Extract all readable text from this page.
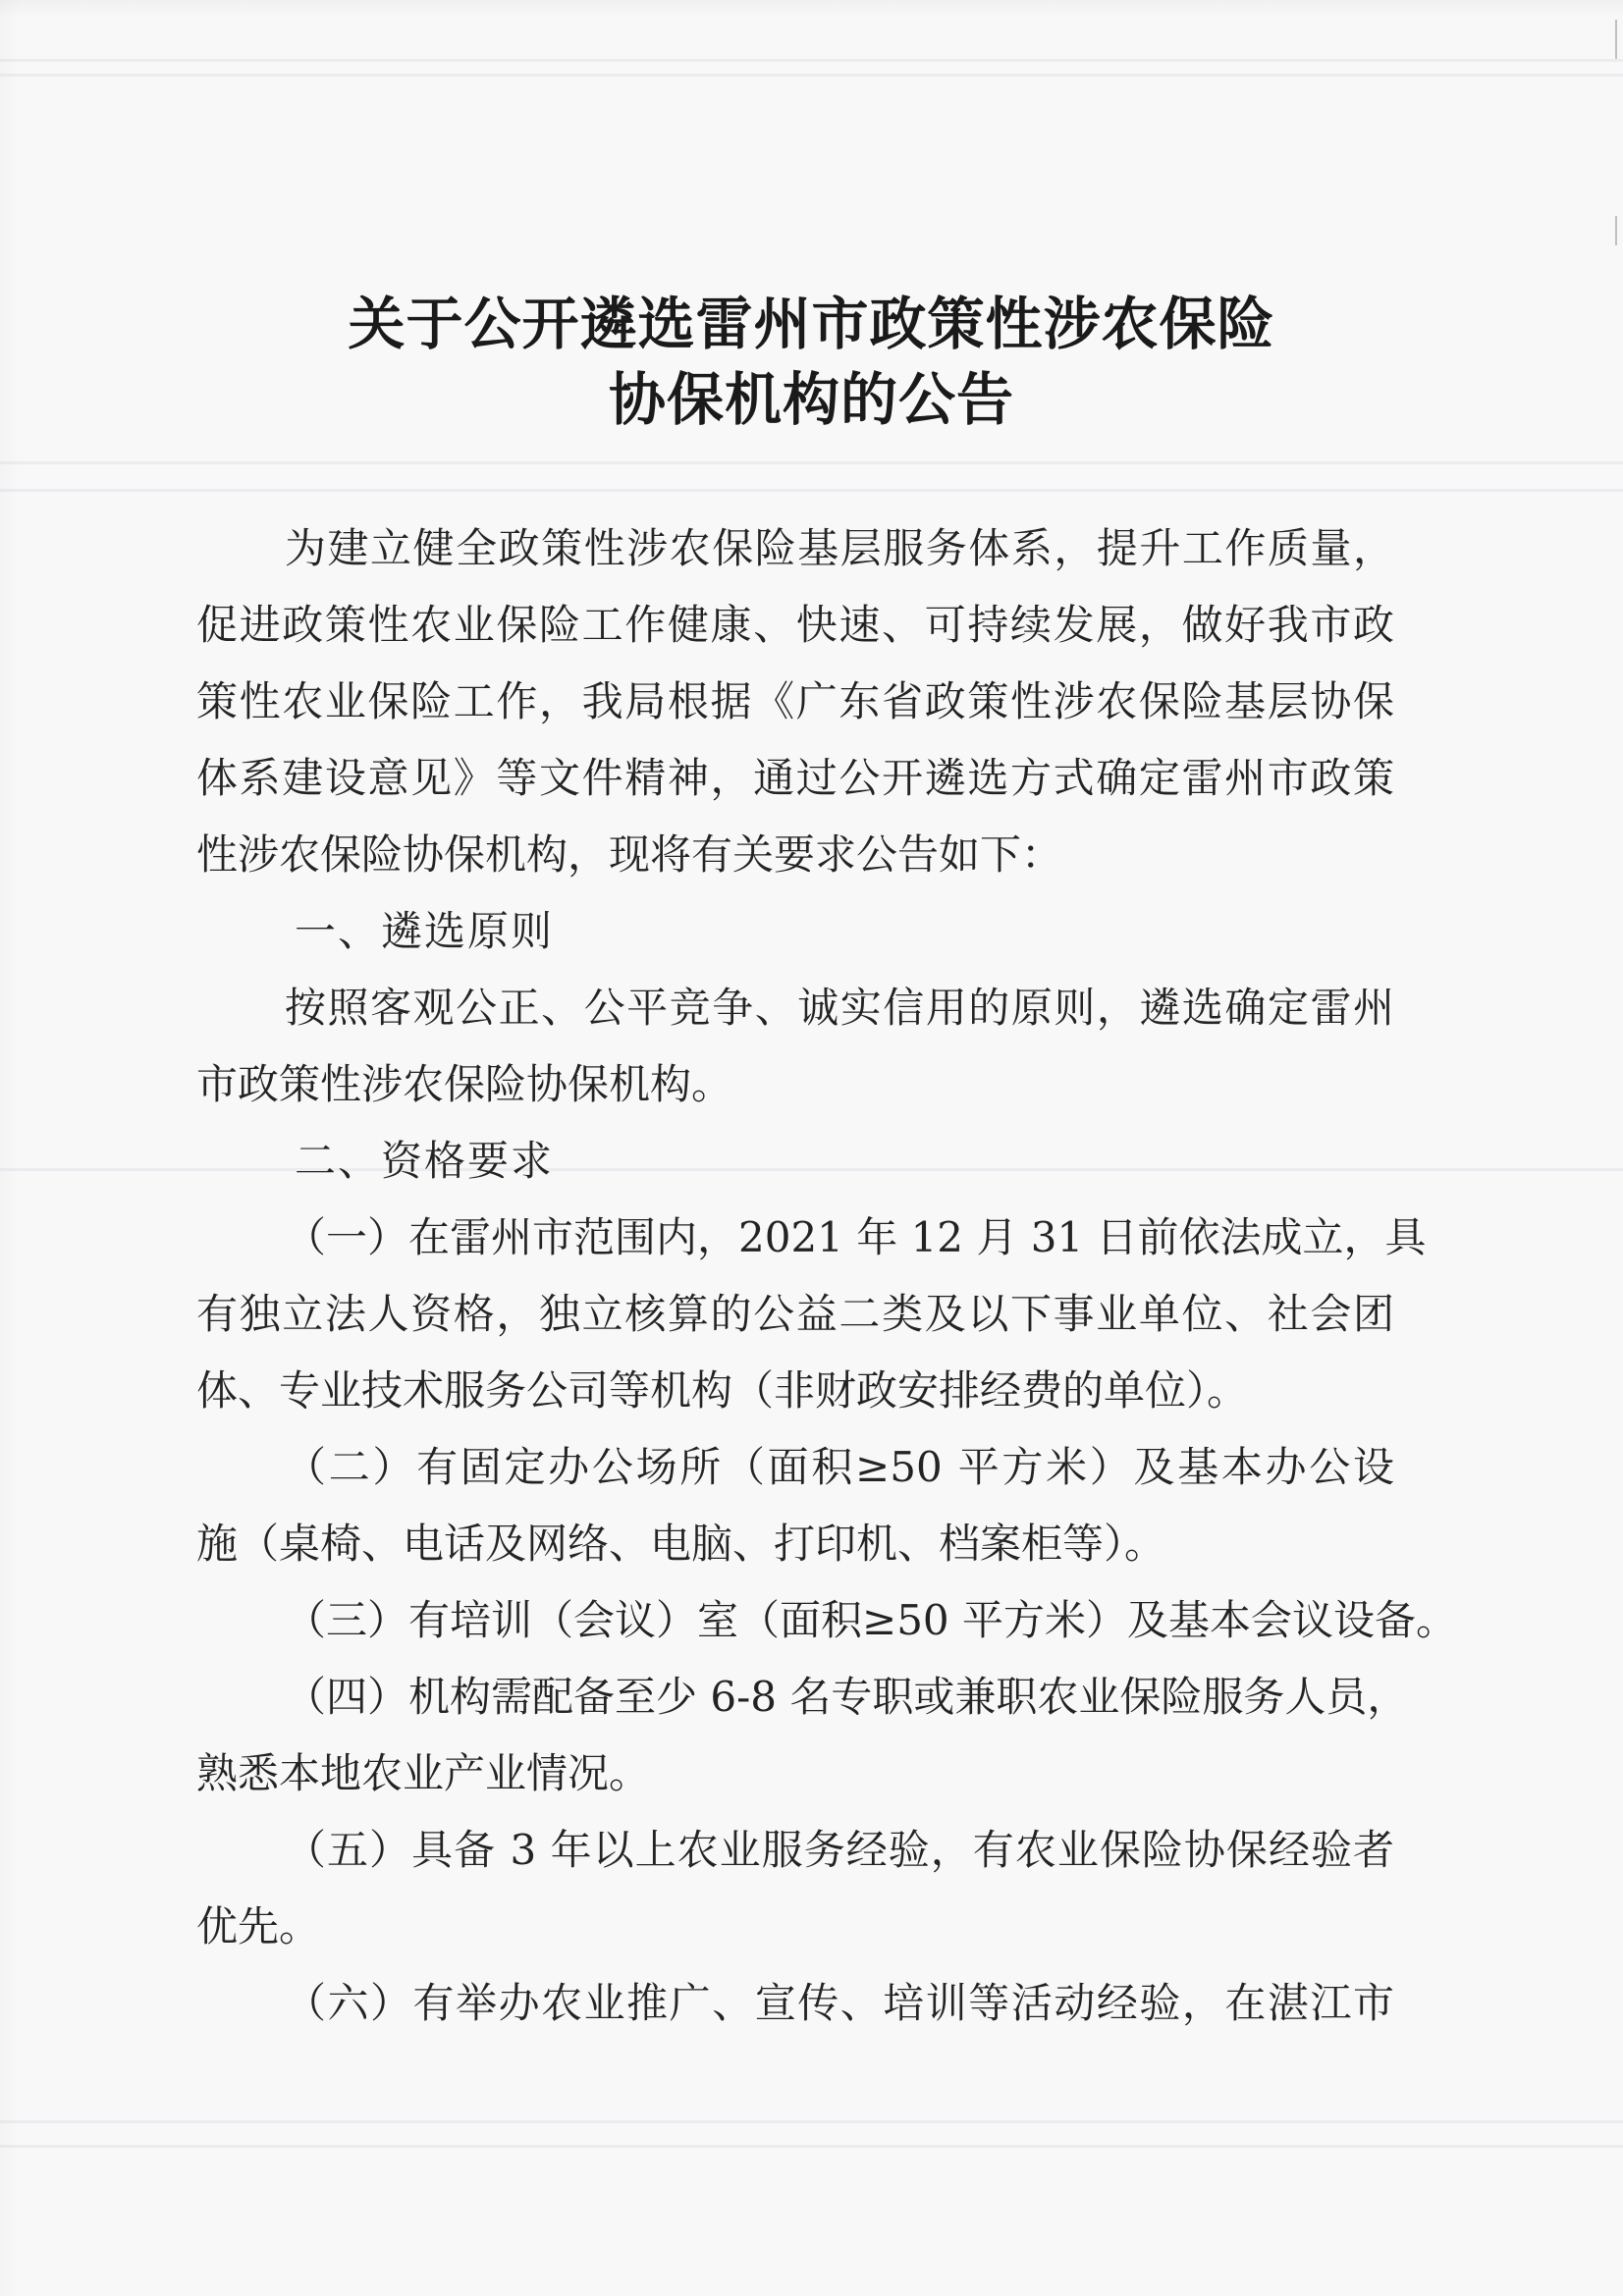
关于公开遴选雷州市政策性涉农保险
协保机构的公告
为建立健全政策性涉农保险基层服务体系，提升工作质量，
促进政策性农业保险工作健康、快速、可持续发展，做好我市政
策性农业保险工作，我局根据《广东省政策性涉农保险基层协保
体系建设意见》等文件精神，通过公开遴选方式确定雷州市政策
性涉农保险协保机构，现将有关要求公告如下：
一、遴选原则
按照客观公正、公平竞争、诚实信用的原则，遴选确定雷州
市政策性涉农保险协保机构。
二、资格要求
（一）在雷州市范围内，2021 年 12 月 31 日前依法成立，具
有独立法人资格，独立核算的公益二类及以下事业单位、社会团
体、专业技术服务公司等机构（非财政安排经费的单位）。
（二）有固定办公场所（面积≥50 平方米）及基本办公设
施（桌椅、电话及网络、电脑、打印机、档案柜等）。
（三）有培训（会议）室（面积≥50 平方米）及基本会议设备。
（四）机构需配备至少 6-8 名专职或兼职农业保险服务人员，
熟悉本地农业产业情况。
（五）具备 3 年以上农业服务经验，有农业保险协保经验者
优先。
（六）有举办农业推广、宣传、培训等活动经验，在湛江市
